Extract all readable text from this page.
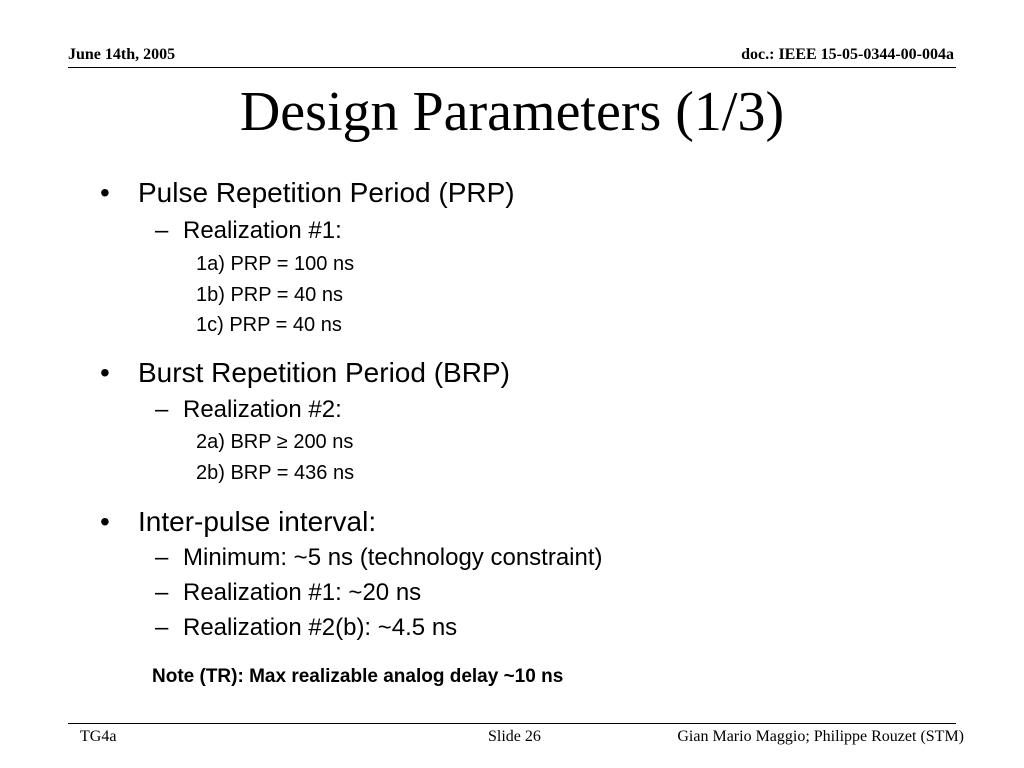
June 14th, 2005	doc.: IEEE 15-05-0344-00-004a
Design Parameters (1/3)
• Pulse Repetition Period (PRP)
– Realization #1:
1a) PRP = 100 ns
1b) PRP = 40 ns
1c) PRP = 40 ns
• Burst Repetition Period (BRP)
– Realization #2:
2a) BRP ≥ 200 ns
2b) BRP = 436 ns
• Inter-pulse interval:
– Minimum: ~5 ns (technology constraint)
– Realization #1: ~20 ns
– Realization #2(b): ~4.5 ns
Note (TR): Max realizable analog delay ~10 ns
TG4a	Slide 26	Gian Mario Maggio; Philippe Rouzet (STM)
